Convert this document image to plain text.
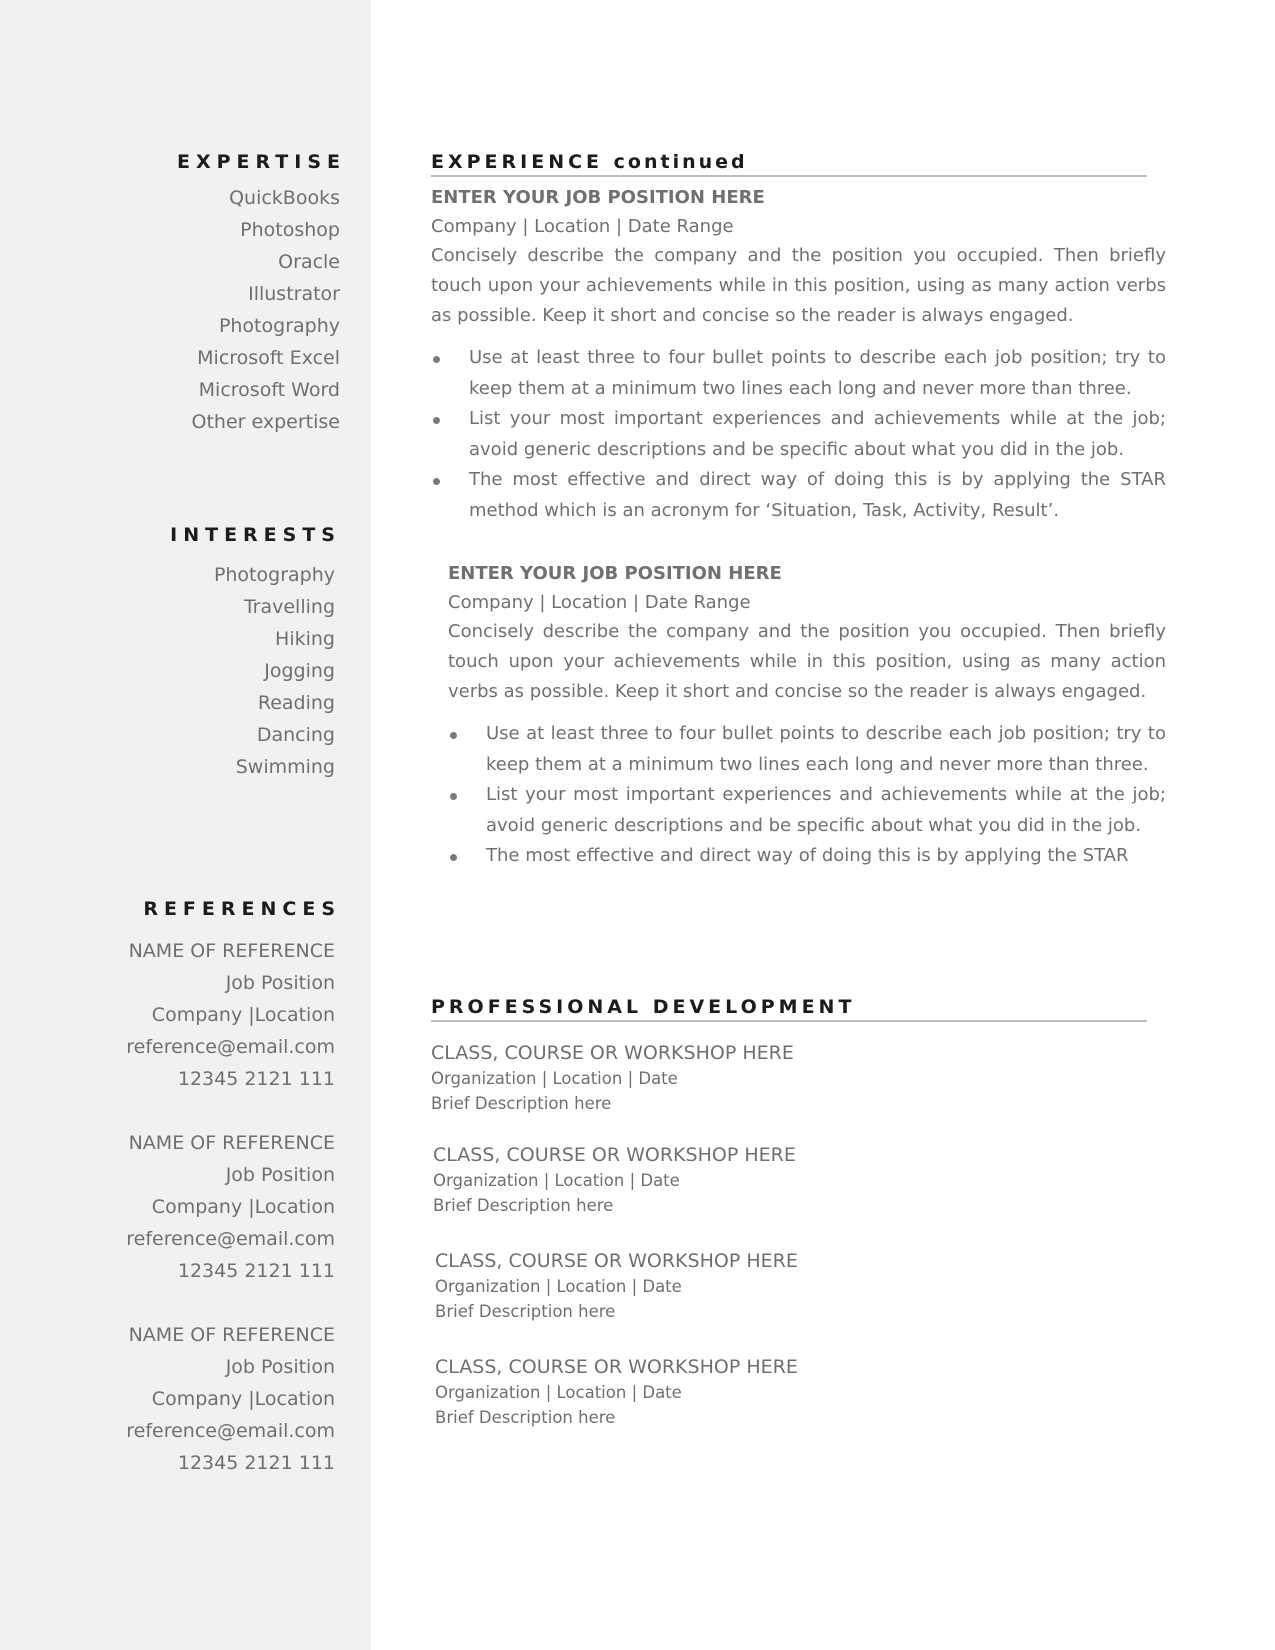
EXPERTISE
QuickBooks
Photoshop
Oracle
Illustrator
Photography
Microsoft Excel
Microsoft Word
Other expertise
INTERESTS
Photography
Travelling
Hiking
Jogging
Reading
Dancing
Swimming
REFERENCES
NAME OF REFERENCE
Job Position
Company |Location
reference@email.com
12345 2121 111
NAME OF REFERENCE
Job Position
Company |Location
reference@email.com
12345 2121 111
NAME OF REFERENCE
Job Position
Company |Location
reference@email.com
12345 2121 111
EXPERIENCE continued
ENTER YOUR JOB POSITION HERE
Company | Location | Date Range

Concisely describe the company and the position you occupied. Then briefly touch upon your achievements while in this position, using as many action verbs as possible. Keep it short and concise so the reader is always engaged.

Use at least three to four bullet points to describe each job position; try to keep them at a minimum two lines each long and never more than three.
List your most important experiences and achievements while at the job; avoid generic descriptions and be specific about what you did in the job.
The most effective and direct way of doing this is by applying the STAR method which is an acronym for ‘Situation, Task, Activity, Result’.
ENTER YOUR JOB POSITION HERE
Company | Location | Date Range

Concisely describe the company and the position you occupied. Then briefly touch upon your achievements while in this position, using as many action verbs as possible. Keep it short and concise so the reader is always engaged.

Use at least three to four bullet points to describe each job position; try to keep them at a minimum two lines each long and never more than three.
List your most important experiences and achievements while at the job; avoid generic descriptions and be specific about what you did in the job.
The most effective and direct way of doing this is by applying the STAR
PROFESSIONAL DEVELOPMENT
CLASS, COURSE OR WORKSHOP HERE
Organization | Location | Date
Brief Description here
CLASS, COURSE OR WORKSHOP HERE
Organization | Location | Date
Brief Description here
CLASS, COURSE OR WORKSHOP HERE
Organization | Location | Date
Brief Description here
CLASS, COURSE OR WORKSHOP HERE
Organization | Location | Date
Brief Description here
